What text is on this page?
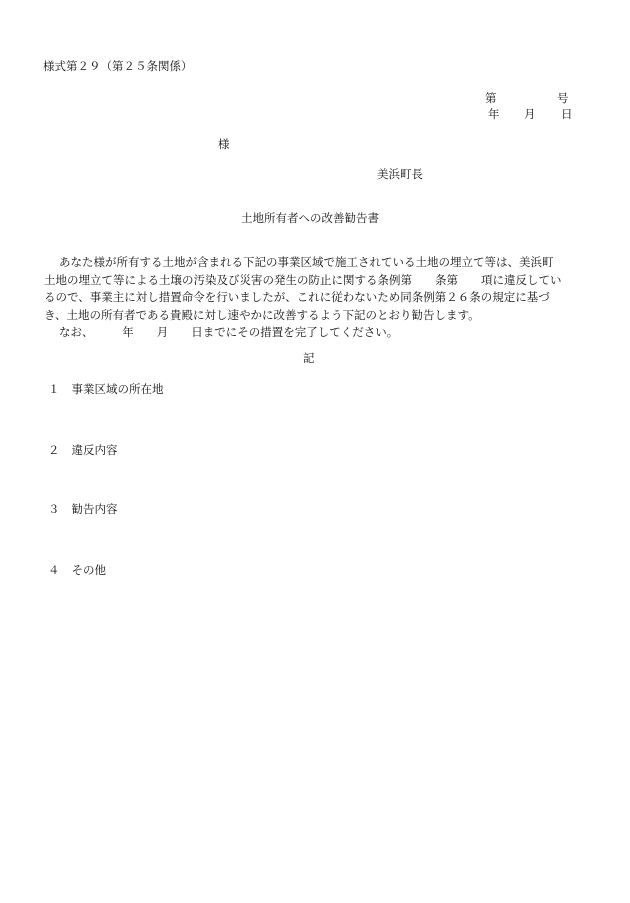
様式第２９（第２５条関係）
第	号
年 月 日
様
美浜町長
土地所有者への改善勧告書
あなた様が所有する土地が含まれる下記の事業区域で施工されている土地の埋立て等は、美浜町
土地の埋立て等による土壌の汚染及び災害の発生の防止に関する条例第　　条第　　項に違反してい
るので、事業主に対し措置命令を行いましたが、これに従わないため同条例第２６条の規定に基づ
き、土地の所有者である貴殿に対し速やかに改善するよう下記のとおり勧告します。
なお、　　　年　　月　　日までにその措置を完了してください。
記
１ 事業区域の所在地
２ 違反内容
３ 勧告内容
４ その他
